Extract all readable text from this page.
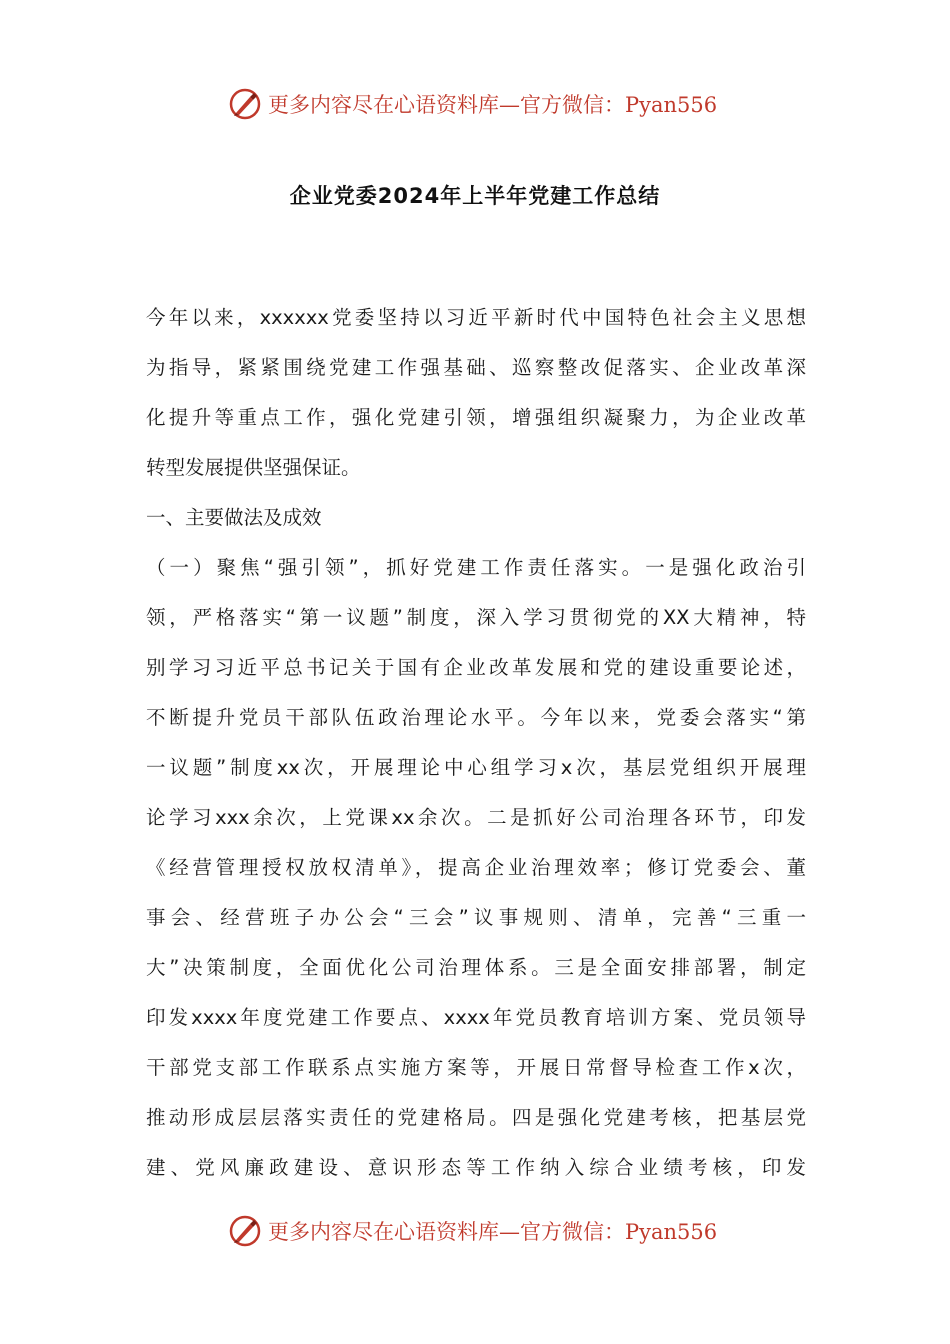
更多内容尽在心语资料库—官方微信：Pyan556
企业党委2024年上半年党建工作总结
今年以来，xxxxxx党委坚持以习近平新时代中国特色社会主义思想
为指导，紧紧围绕党建工作强基础、巡察整改促落实、企业改革深
化提升等重点工作，强化党建引领，增强组织凝聚力，为企业改革
转型发展提供坚强保证。
一、主要做法及成效
（一）聚焦“强引领”，抓好党建工作责任落实。一是强化政治引
领，严格落实“第一议题”制度，深入学习贯彻党的XX大精神，特
别学习习近平总书记关于国有企业改革发展和党的建设重要论述，
不断提升党员干部队伍政治理论水平。今年以来，党委会落实“第
一议题”制度xx次，开展理论中心组学习x次，基层党组织开展理
论学习xxx余次，上党课xx余次。二是抓好公司治理各环节，印发
《经营管理授权放权清单》，提高企业治理效率；修订党委会、董
事会、经营班子办公会“三会”议事规则、清单，完善“三重一
大”决策制度，全面优化公司治理体系。三是全面安排部署，制定
印发xxxx年度党建工作要点、xxxx年党员教育培训方案、党员领导
干部党支部工作联系点实施方案等，开展日常督导检查工作x次，
推动形成层层落实责任的党建格局。四是强化党建考核，把基层党
建、党风廉政建设、意识形态等工作纳入综合业绩考核，印发
更多内容尽在心语资料库—官方微信：Pyan556
